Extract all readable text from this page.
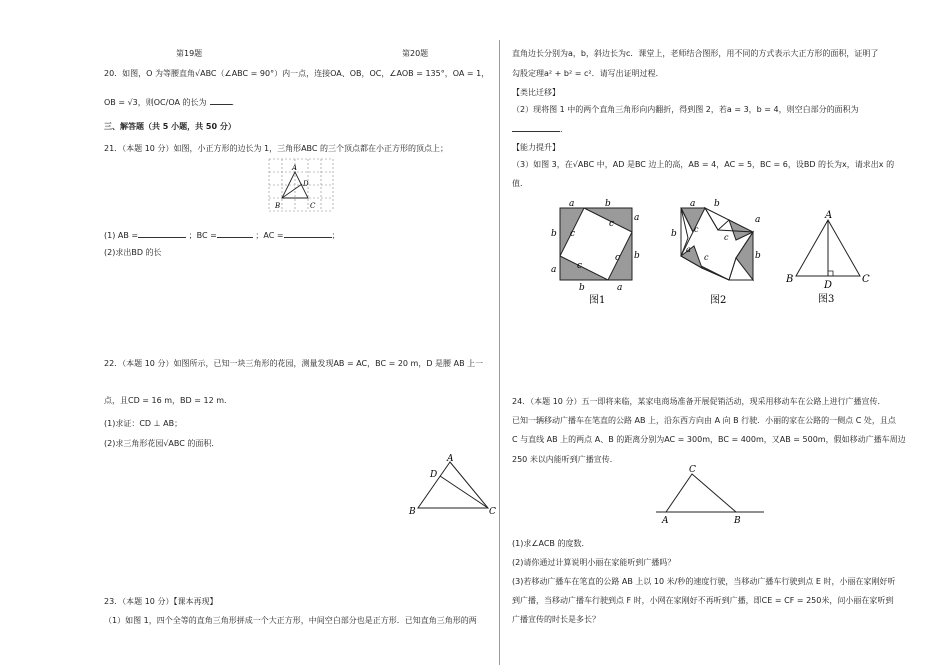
第19题	第20题
20．如图，O 为等腰直角√ABC（∠ABC = 90°）内一点，连接OA、OB，OC，∠AOB = 135°，OA = 1，
OB = √3，则OC/OA 的长为	．
三、解答题（共 5 小题，共 50 分）
21．（本题 10 分）如图，小正方形的边长为 1，三角形ABC 的三个顶点都在小正方形的顶点上；
A
D
B	C
(1) AB =	；BC =	；AC =	；
(2)求出BD 的长
22．（本题 10 分）如图所示，已知一块三角形的花园，测量发现AB = AC，BC = 20 m，D 是腰 AB 上一
点，且CD = 16 m，BD = 12 m．
(1)求证：CD ⊥ AB；
(2)求三角形花园√ABC 的面积．
A
D
B	C
23．（本题 10 分）【课本再现】
（1）如图 1，四个全等的直角三角形拼成一个大正方形，中间空白部分也是正方形．已知直角三角形的两
直角边长分别为a，b，斜边长为c．课堂上，老师结合图形，用不同的方式表示大正方形的面积，证明了
勾股定理a² + b² = c²．请写出证明过程．
【类比迁移】
（2）现将图 1 中的两个直角三角形向内翻折，得到图 2，若a = 3，b = 4，则空白部分的面积为
．
【能力提升】
（3）如图 3，在√ABC 中，AD 是BC 边上的高，AB = 4，AC = 5，BC = 6，设BD 的长为x，请求出x 的
值．
a	b
a
b
b
a
b	a
c
c
c
c
图1
a b
a
b
b
a
c
c
c
图2
A
B	C
D
图3
24．（本题 10 分）五一即将来临，某家电商场准备开展促销活动，现采用移动车在公路上进行广播宣传．
已知一辆移动广播车在笔直的公路 AB 上，沿东西方向由 A 向 B 行驶．小丽的家在公路的一侧点 C 处，且点
C 与直线 AB 上的两点 A、B 的距离分别为AC = 300m，BC = 400m，又AB = 500m，假如移动广播车周边
250 米以内能听到广播宣传．
C
A	B
(1)求∠ACB 的度数．
(2)请你通过计算说明小丽在家能听到广播吗？
(3)若移动广播车在笔直的公路 AB 上以 10 米/秒的速度行驶，当移动广播车行驶到点 E 时，小丽在家刚好听
到广播，当移动广播车行驶到点 F 时，小网在家刚好不再听到广播，即CE = CF = 250米，问小丽在家听到
广播宣传的时长是多长？
